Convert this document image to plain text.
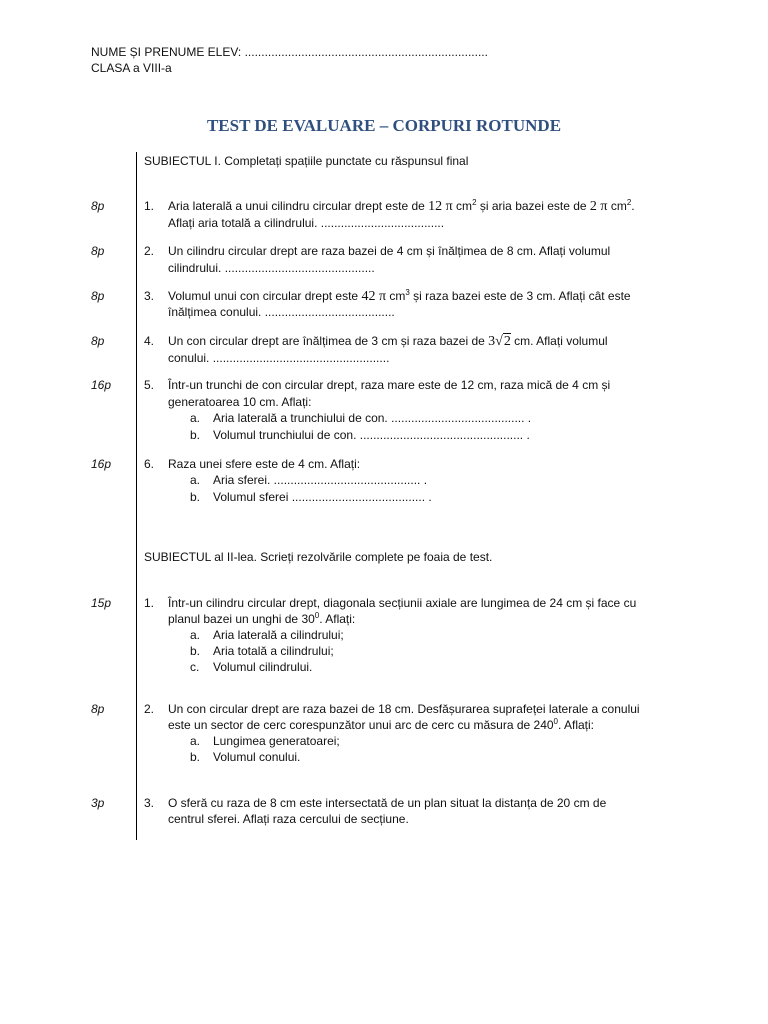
NUME ȘI PRENUME ELEV: .........................................................................
CLASA a VIII-a
TEST DE EVALUARE – CORPURI ROTUNDE
SUBIECTUL I. Completați spațiile punctate cu răspunsul final
8p	1. Aria laterală a unui cilindru circular drept este de 12 π $cm^2$ și aria bazei este de 2 π $cm^2$.
Aflați aria totală a cilindrului. .....................................
8p	2. Un cilindru circular drept are raza bazei de 4 cm și înălțimea de 8 cm. Aflați volumul
cilindrului. .............................................
8p	3. Volumul unui con circular drept este 42 π $cm^3$ și raza bazei este de 3 cm. Aflați cât este
înălțimea conului. .......................................
8p	4. Un con circular drept are înălțimea de 3 cm și raza bazei de 3√2 cm. Aflați volumul
conului. .....................................................
16p	5. Într-un trunchi de con circular drept, raza mare este de 12 cm, raza mică de 4 cm și
generatoarea 10 cm. Aflați:
a. Aria laterală a trunchiului de con. ........................................ .
b. Volumul trunchiului de con. ................................................. .
16p	6. Raza unei sfere este de 4 cm. Aflați:
a. Aria sferei. ............................................ .
b. Volumul sferei ........................................ .
SUBIECTUL al II-lea. Scrieți rezolvările complete pe foaia de test.
15p	1. Într-un cilindru circular drept, diagonala secțiunii axiale are lungimea de 24 cm și face cu
planul bazei un unghi de $30^0$. Aflați:
a. Aria laterală a cilindrului;
b. Aria totală a cilindrului;
c. Volumul cilindrului.
8p	2. Un con circular drept are raza bazei de 18 cm. Desfășurarea suprafeței laterale a conului
este un sector de cerc corespunzător unui arc de cerc cu măsura de $240^0$. Aflați:
a. Lungimea generatoarei;
b. Volumul conului.
3p	3. O sferă cu raza de 8 cm este intersectată de un plan situat la distanța de 20 cm de
centrul sferei. Aflați raza cercului de secțiune.
